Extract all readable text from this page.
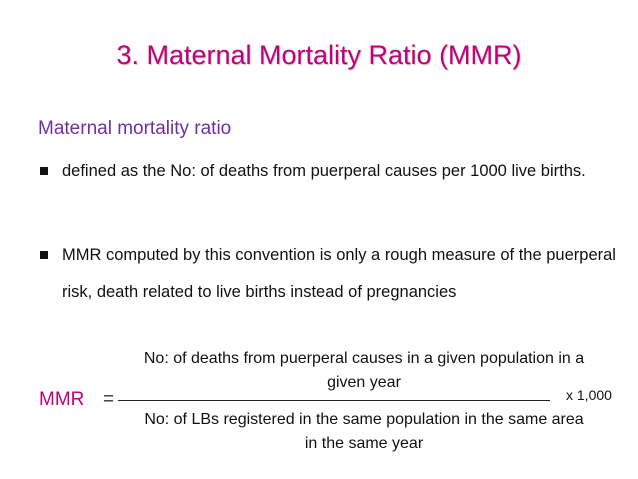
3. Maternal Mortality Ratio (MMR)
Maternal mortality ratio
defined as the No: of deaths from puerperal causes per 1000 live births.
MMR computed by this convention is only a rough measure of the puerperal risk, death related to live births instead of pregnancies
No: of deaths from puerperal causes in a given population in a given year
MMR =	x 1,000
No: of LBs registered in the same population in the same area in the same year
